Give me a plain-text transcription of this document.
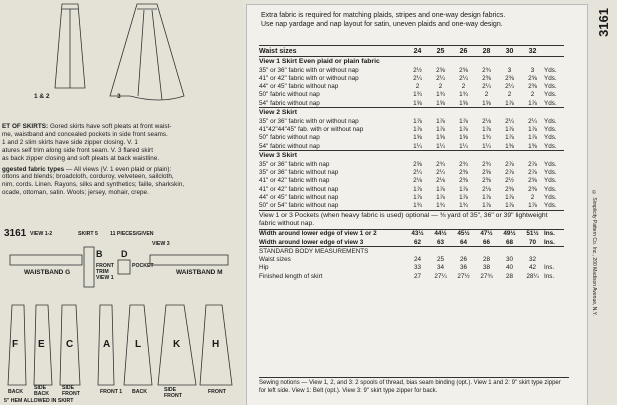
1 & 2	3

ET OF SKIRTS: Gored skirts have soft pleats at front waist-

me, waistband and concealed pockets in side front seams.

1 and 2 slim skirts have side zipper closing. V. 1

atures self trim along side front seam. V. 3 flared skirt

as back zipper closing and soft pleats at back waistline.

ggested fabric types — All views (V. 1 even plaid or plain):

ottons and blends; broadcloth, corduroy, velveteen, sailcloth,

nim, cords. Linen. Rayons, silks and synthetics; faille, sharkskin,

ocade, ottoman, satin. Wools; jersey, mohair, crepe.

3161 VIEW 1-2	SKIRT 5 11 PIECES/GIVEN
VIEW 3
WAISTBAND G
B
FRONT TRIM VIEW 1
D
POCKET
WAISTBAND M
F E C	A L	K	H
BACK
SIDE BACK
SIDE FRONT	FRONT 1 BACK	SIDE FRONT
FRONT
5" HEM ALLOWED IN SKIRT
Extra fabric is required for matching plaids, stripes and one-way design fabrics.
Use nap yardage and nap layout for satin, uneven plaids and one-way design.
Waist sizes	24	25	26	28	30	32	
View 1 Skirt Even plaid or plain fabric							
35" or 36" fabric with or without nap	2½	2⅝	2⅝	2¾	3	3	Yds.
41" or 42" fabric with or without nap	2¼	2¼	2¼	2⅜	2⅜	2⅝	Yds.
44" or 45" fabric without nap	2	2	2	2¼	2¼	2⅜	Yds.
50" fabric without nap	1¾	1¾	1¾	2	2	2	Yds.
54" fabric without nap	1⅝	1⅝	1⅝	1⅝	1⅞	1⅞	Yds.
View 2 Skirt							
35" or 36" fabric with or without nap	1⅞	1⅞	1⅞	2⅛	2¼	2¼	Yds.
41"42"44"45" fab. with or without nap	1⅞	1⅞	1⅞	1⅞	1⅞	1⅞	Yds.
50" fabric without nap	1⅝	1⅝	1⅝	1¾	1⅞	1⅞	Yds.
54" fabric without nap	1¼	1¼	1¼	1¼	1⅜	1⅜	Yds.
View 3 Skirt							
35" or 36" fabric with nap	2⅝	2¾	2¾	2¾	2⅞	2⅞	Yds.
35" or 36" fabric without nap	2¼	2¼	2⅜	2⅝	2⅞	2⅞	Yds.
41" or 42" fabric with nap	2⅛	2⅛	2⅜	2⅜	2½	2⅝	Yds.
41" or 42" fabric without nap	1⅞	1⅞	1⅞	2⅛	2⅜	2⅜	Yds.
44" or 45" fabric without nap	1⅞	1⅞	1⅞	1⅞	1⅞	2	Yds.
50" or 54" fabric without nap	1¾	1¾	1¾	1⅞	1⅞	1⅞	Yds.
View 1 or 3 Pockets (when heavy fabric is used) optional — ⅜ yard of 35", 36" or 39" lightweight fabric without nap.							
Width around lower edge of view 1 or 2	43½	44½	45½	47½	49½	51½	Ins.
Width around lower edge of view 3	62	63	64	66	68	70	Ins.
STANDARD BODY MEASUREMENTS							
Waist sizes	24	25	26	28	30	32	
Hip	33	34	36	38	40	42	Ins.
Finished length of skirt	27	27¼	27½	27¾	28	28¼	Ins.
Sewing notions — View 1, 2, and 3: 2 spools of thread, bias seam binding (opt.). View 1 and 2: 9" skirt type zipper for left side. View 1: Belt (opt.). View 3: 9" skirt type zipper for back.
3161
© Simplicity Pattern Co. Inc., 200 Madison Avenue, N.Y.
